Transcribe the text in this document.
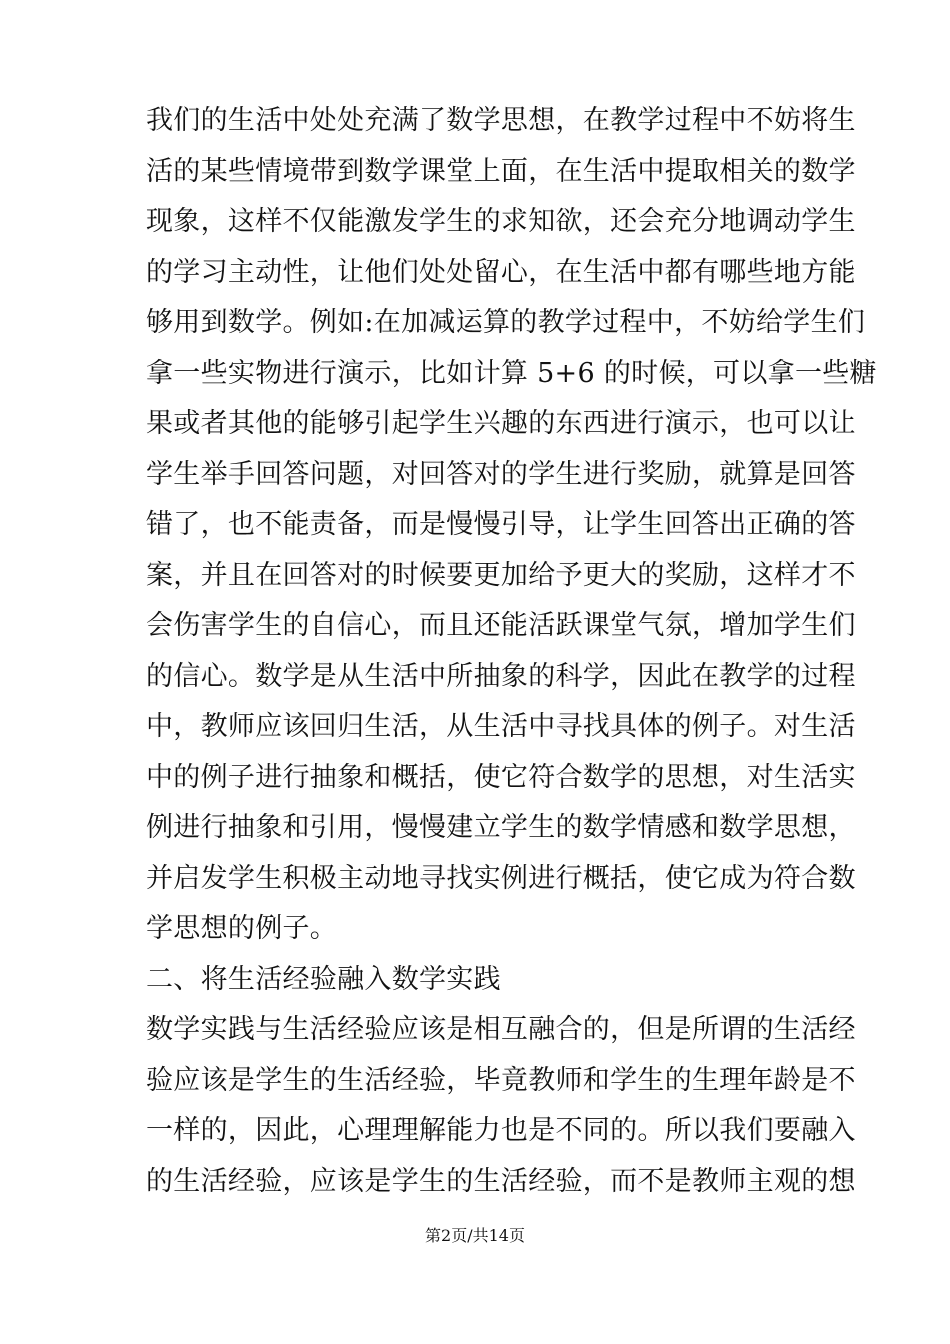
我们的生活中处处充满了数学思想，在教学过程中不妨将生
活的某些情境带到数学课堂上面，在生活中提取相关的数学
现象，这样不仅能激发学生的求知欲，还会充分地调动学生
的学习主动性，让他们处处留心，在生活中都有哪些地方能
够用到数学。例如:在加减运算的教学过程中，不妨给学生们
拿一些实物进行演示，比如计算 5+6 的时候，可以拿一些糖
果或者其他的能够引起学生兴趣的东西进行演示，也可以让
学生举手回答问题，对回答对的学生进行奖励，就算是回答
错了，也不能责备，而是慢慢引导，让学生回答出正确的答
案，并且在回答对的时候要更加给予更大的奖励，这样才不
会伤害学生的自信心，而且还能活跃课堂气氛，增加学生们
的信心。数学是从生活中所抽象的科学，因此在教学的过程
中，教师应该回归生活，从生活中寻找具体的例子。对生活
中的例子进行抽象和概括，使它符合数学的思想，对生活实
例进行抽象和引用，慢慢建立学生的数学情感和数学思想，
并启发学生积极主动地寻找实例进行概括，使它成为符合数
学思想的例子。
二、将生活经验融入数学实践
数学实践与生活经验应该是相互融合的，但是所谓的生活经
验应该是学生的生活经验，毕竟教师和学生的生理年龄是不
一样的，因此，心理理解能力也是不同的。所以我们要融入
的生活经验，应该是学生的生活经验，而不是教师主观的想
第2页/共14页
